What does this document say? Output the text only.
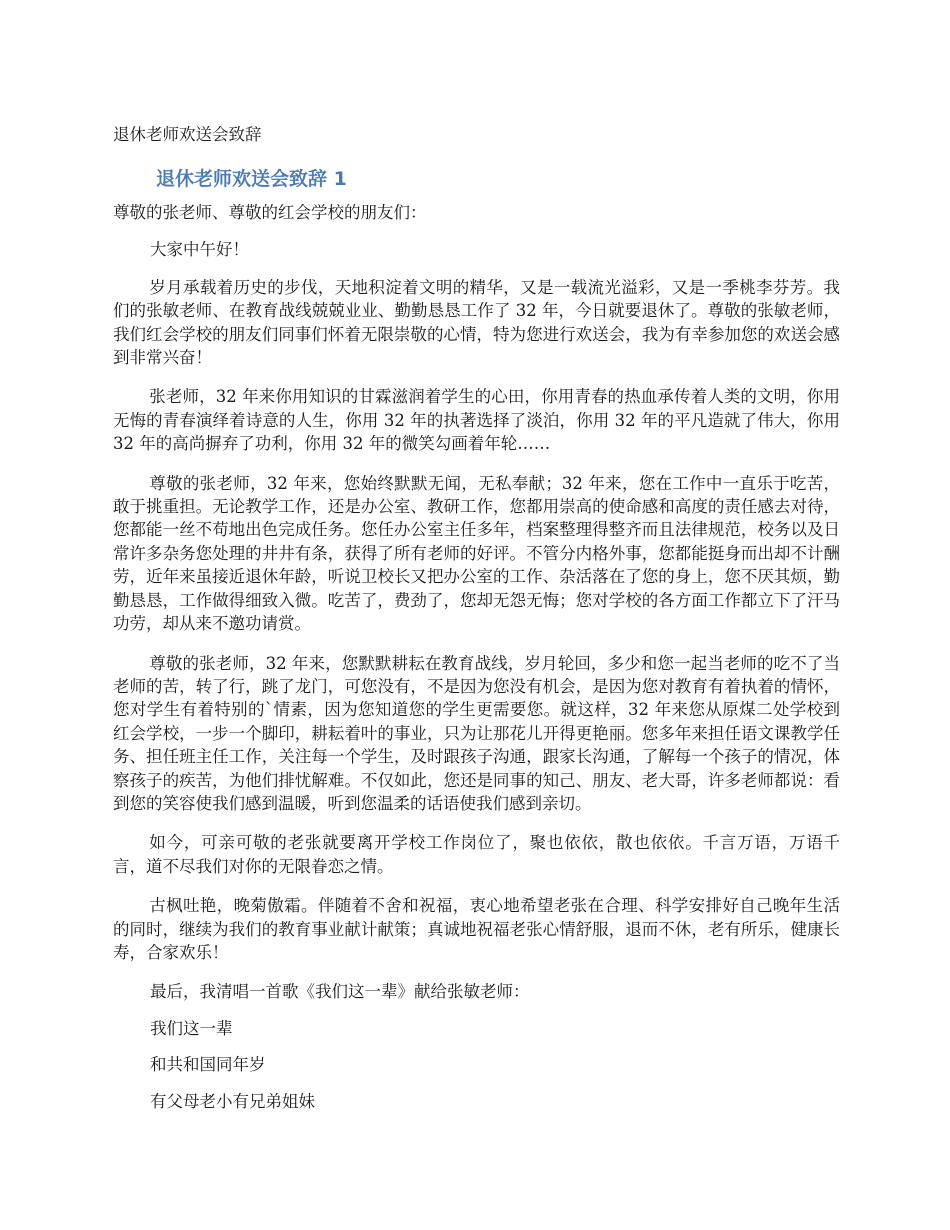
退休老师欢送会致辞

退休老师欢送会致辞 1

尊敬的张老师、尊敬的红会学校的朋友们：

大家中午好！

岁月承载着历史的步伐，天地积淀着文明的精华，又是一载流光溢彩，又是一季桃李芬芳。我们的张敏老师、在教育战线兢兢业业、勤勤恳恳工作了 32 年，今日就要退休了。尊敬的张敏老师，我们红会学校的朋友们同事们怀着无限崇敬的心情，特为您进行欢送会，我为有幸参加您的欢送会感到非常兴奋！

张老师，32 年来你用知识的甘霖滋润着学生的心田，你用青春的热血承传着人类的文明，你用无悔的青春演绎着诗意的人生，你用 32 年的执著选择了淡泊，你用 32 年的平凡造就了伟大，你用 32 年的高尚摒弃了功利，你用 32 年的微笑勾画着年轮……

尊敬的张老师，32 年来，您始终默默无闻，无私奉献；32 年来，您在工作中一直乐于吃苦，敢于挑重担。无论教学工作，还是办公室、教研工作，您都用崇高的使命感和高度的责任感去对待，您都能一丝不苟地出色完成任务。您任办公室主任多年，档案整理得整齐而且法律规范，校务以及日常许多杂务您处理的井井有条，获得了所有老师的好评。不管分内格外事，您都能挺身而出却不计酬劳，近年来虽接近退休年龄，听说卫校长又把办公室的工作、杂活落在了您的身上，您不厌其烦，勤勤恳恳，工作做得细致入微。吃苦了，费劲了，您却无怨无悔；您对学校的各方面工作都立下了汗马功劳，却从来不邀功请赏。

尊敬的张老师，32 年来，您默默耕耘在教育战线，岁月轮回，多少和您一起当老师的吃不了当老师的苦，转了行，跳了龙门，可您没有，不是因为您没有机会，是因为您对教育有着执着的情怀，您对学生有着特别的`情素，因为您知道您的学生更需要您。就这样，32 年来您从原煤二处学校到红会学校，一步一个脚印，耕耘着叶的事业，只为让那花儿开得更艳丽。您多年来担任语文课教学任务、担任班主任工作，关注每一个学生，及时跟孩子沟通，跟家长沟通，了解每一个孩子的情况，体察孩子的疾苦，为他们排忧解难。不仅如此，您还是同事的知己、朋友、老大哥，许多老师都说：看到您的笑容使我们感到温暖，听到您温柔的话语使我们感到亲切。

如今，可亲可敬的老张就要离开学校工作岗位了，聚也依依，散也依依。千言万语，万语千言，道不尽我们对你的无限眷恋之情。

古枫吐艳，晚菊傲霜。伴随着不舍和祝福，衷心地希望老张在合理、科学安排好自己晚年生活的同时，继续为我们的教育事业献计献策；真诚地祝福老张心情舒服，退而不休，老有所乐，健康长寿，合家欢乐！

最后，我清唱一首歌《我们这一辈》献给张敏老师：

我们这一辈

和共和国同年岁

有父母老小有兄弟姐妹
